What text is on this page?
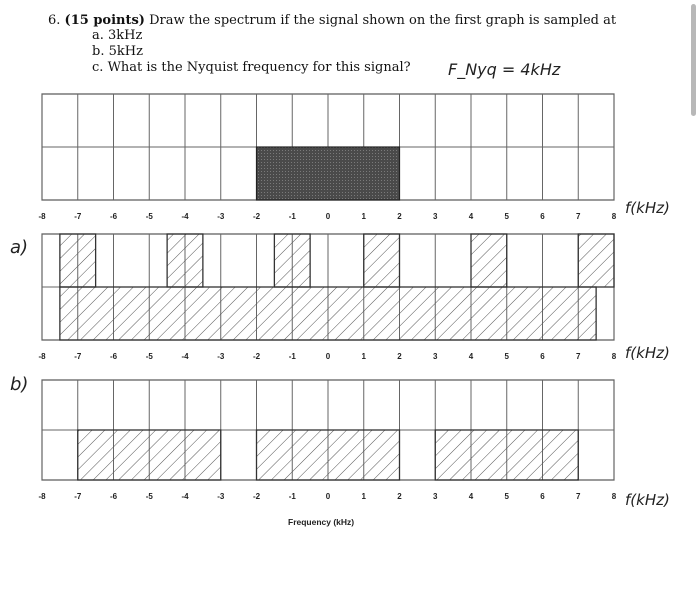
6. (15 points) Draw the spectrum if the signal shown on the first graph is sampled at
a. 3kHz
b. 5kHz
c. What is the Nyquist frequency for this signal? F_Nyq = 4kHz
a)
b)
f(kHz)
f(kHz)
f(kHz)
-8	-7	-6	-5	-4	-3	-2	-1	0	1	2	3	4	5	6	7	8
-8	-7	-6	-5	-4	-3	-2	-1	0	1	2	3	4	5	6	7	8
-8	-7	-6	-5	-4	-3	-2	-1	0	1	2	3	4	5	6	7	8
Frequency (kHz)
